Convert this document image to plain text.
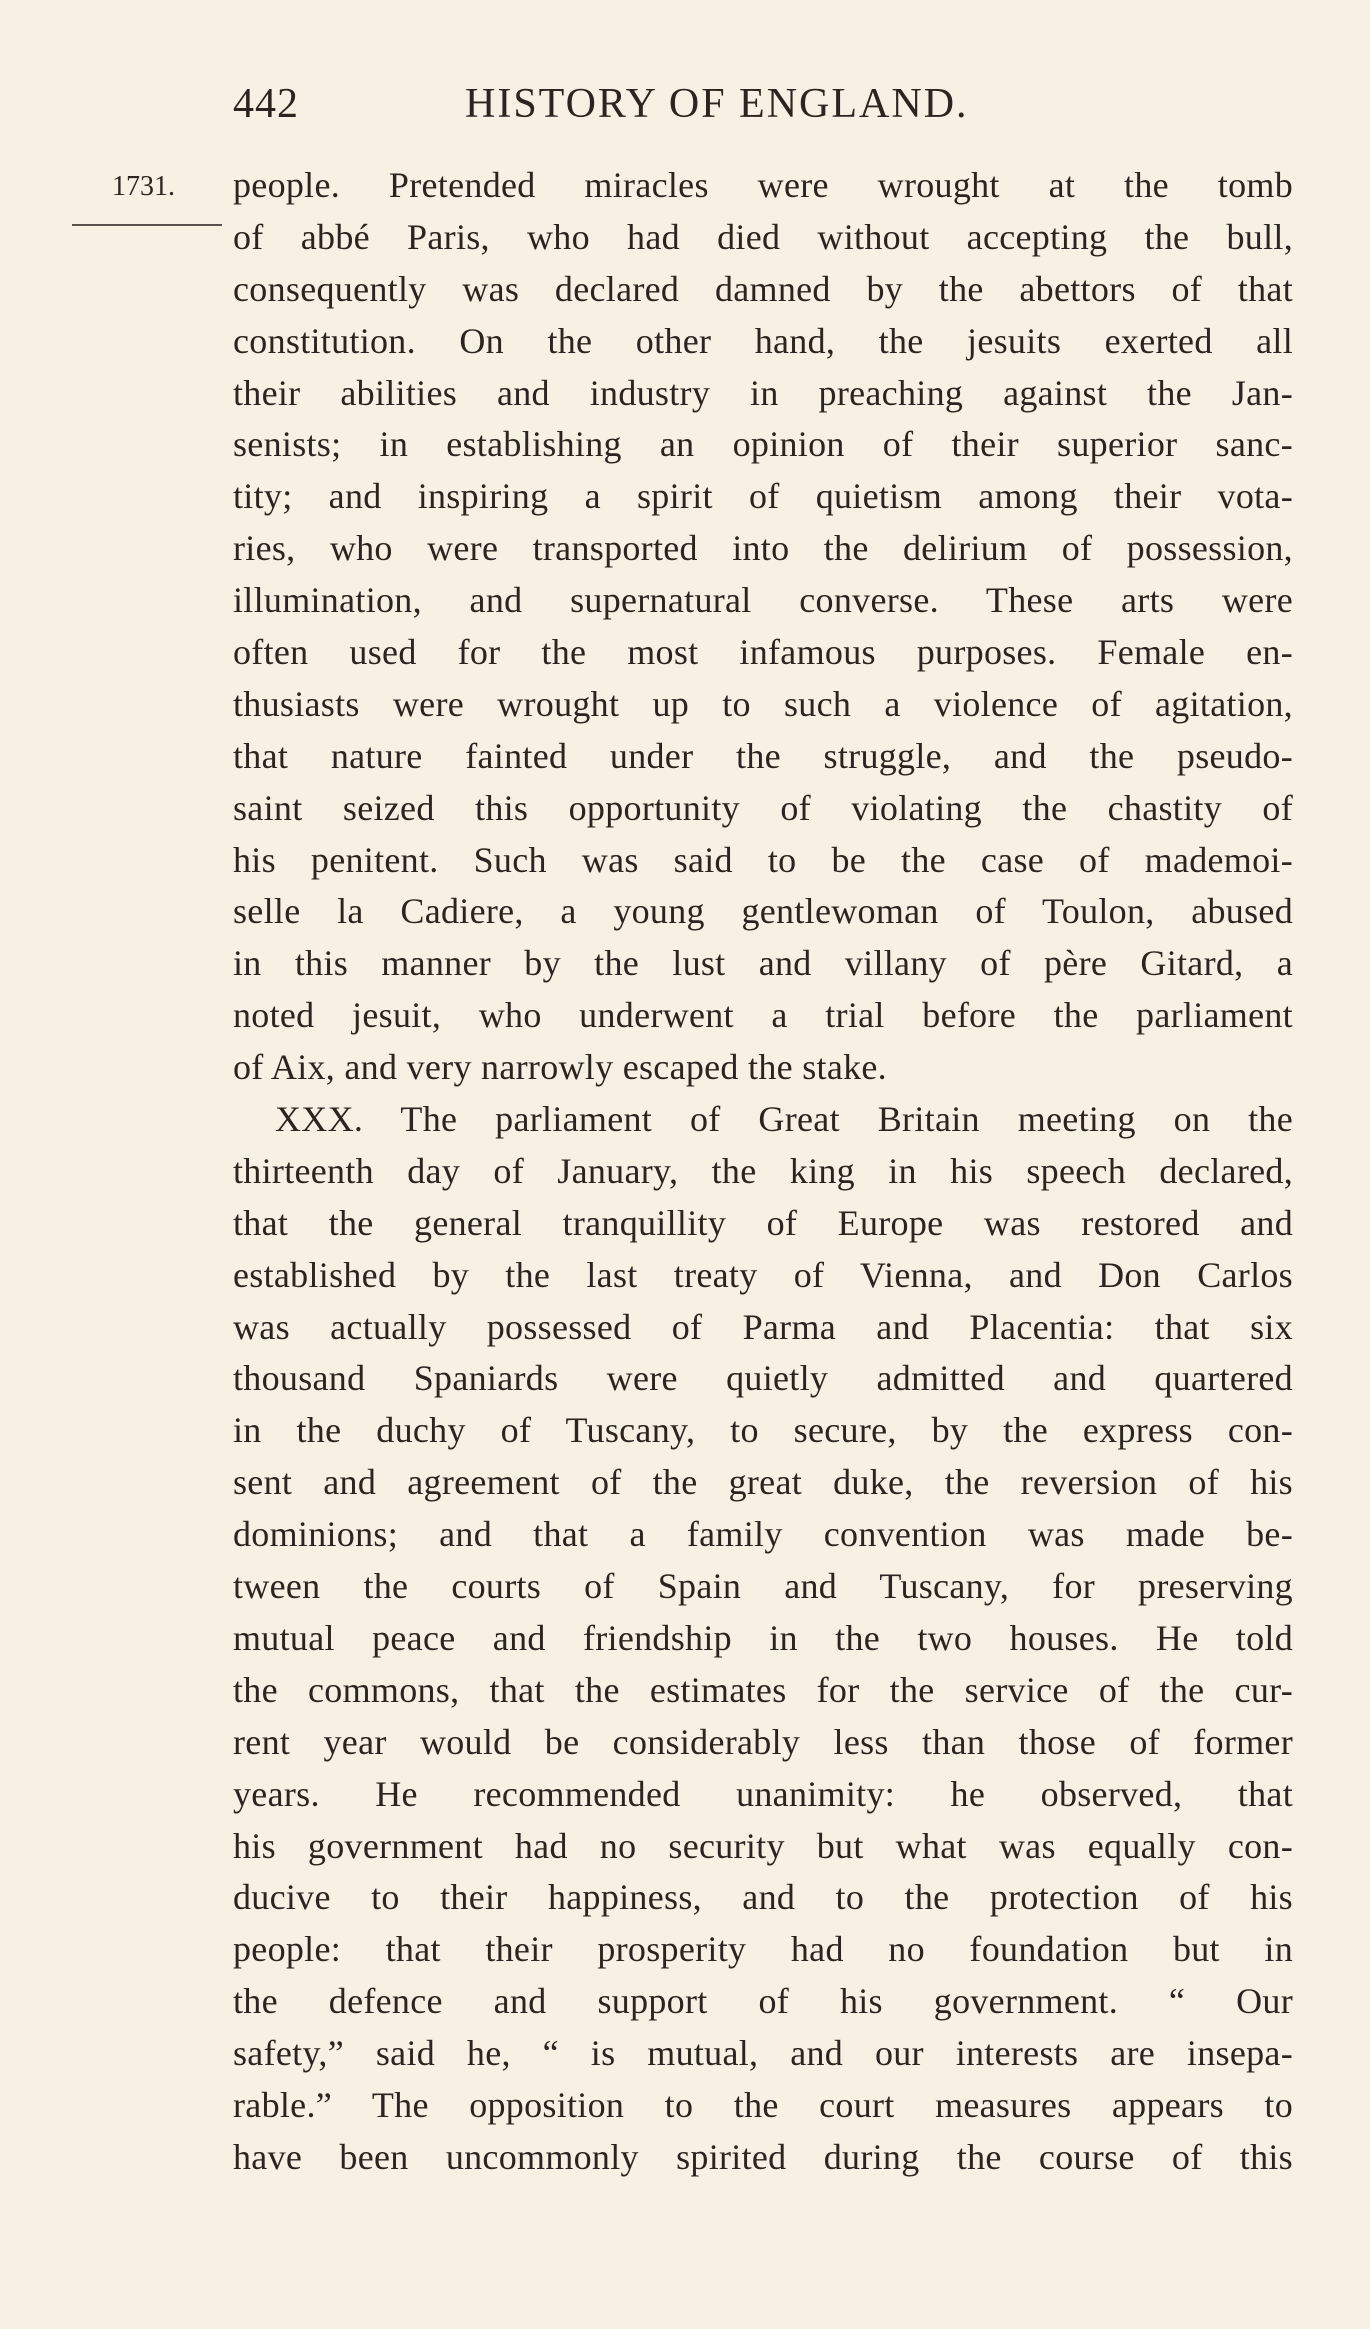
442	HISTORY OF ENGLAND.
1731. people. Pretended miracles were wrought at the tomb
of abbé Paris, who had died without accepting the bull,
consequently was declared damned by the abettors of that
constitution. On the other hand, the jesuits exerted all
their abilities and industry in preaching against the Jan-
senists; in establishing an opinion of their superior sanc-
tity; and inspiring a spirit of quietism among their vota-
ries, who were transported into the delirium of possession,
illumination, and supernatural converse. These arts were
often used for the most infamous purposes. Female en-
thusiasts were wrought up to such a violence of agitation,
that nature fainted under the struggle, and the pseudo-
saint seized this opportunity of violating the chastity of
his penitent. Such was said to be the case of mademoi-
selle la Cadiere, a young gentlewoman of Toulon, abused
in this manner by the lust and villany of père Gitard, a
noted jesuit, who underwent a trial before the parliament
of Aix, and very narrowly escaped the stake.
XXX. The parliament of Great Britain meeting on the
thirteenth day of January, the king in his speech declared,
that the general tranquillity of Europe was restored and
established by the last treaty of Vienna, and Don Carlos
was actually possessed of Parma and Placentia: that six
thousand Spaniards were quietly admitted and quartered
in the duchy of Tuscany, to secure, by the express con-
sent and agreement of the great duke, the reversion of his
dominions; and that a family convention was made be-
tween the courts of Spain and Tuscany, for preserving
mutual peace and friendship in the two houses. He told
the commons, that the estimates for the service of the cur-
rent year would be considerably less than those of former
years. He recommended unanimity: he observed, that
his government had no security but what was equally con-
ducive to their happiness, and to the protection of his
people: that their prosperity had no foundation but in
the defence and support of his government. “ Our
safety,” said he, “ is mutual, and our interests are insepa-
rable.” The opposition to the court measures appears to
have been uncommonly spirited during the course of this
